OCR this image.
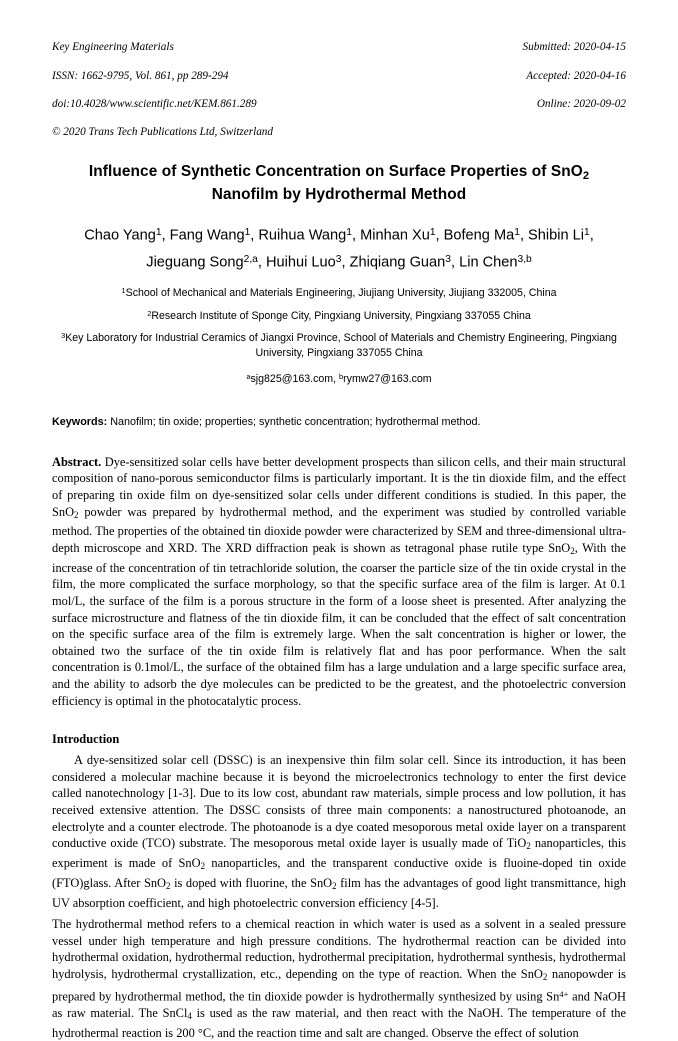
Key Engineering Materials

ISSN: 1662-9795, Vol. 861, pp 289-294

doi:10.4028/www.scientific.net/KEM.861.289

Submitted: 2020-04-15

Accepted: 2020-04-16

Online: 2020-09-02

© 2020 Trans Tech Publications Ltd, Switzerland
Influence of Synthetic Concentration on Surface Properties of SnO$_2$
Nanofilm by Hydrothermal Method
Chao Yang$^1$, Fang Wang$^1$, Ruihua Wang$^1$, Minhan Xu$^1$, Bofeng Ma$^1$, Shibin Li$^1$,
Jieguang Song$^{2,a}$, Huihui Luo$^3$, Zhiqiang Guan$^3$, Lin Chen$^{3,b}$
$^1$School of Mechanical and Materials Engineering, Jiujiang University, Jiujiang 332005, China
$^2$Research Institute of Sponge City, Pingxiang University, Pingxiang 337055 China
$^3$Key Laboratory for Industrial Ceramics of Jiangxi Province, School of Materials and Chemistry Engineering, Pingxiang University, Pingxiang 337055 China
$^a$sjg825@163.com, $^b$rymw27@163.com
Keywords: Nanofilm; tin oxide; properties; synthetic concentration; hydrothermal method.
Abstract. Dye-sensitized solar cells have better development prospects than silicon cells, and their main structural composition of nano-porous semiconductor films is particularly important. It is the tin dioxide film, and the effect of preparing tin oxide film on dye-sensitized solar cells under different conditions is studied. In this paper, the SnO$_2$ powder was prepared by hydrothermal method, and the experiment was studied by controlled variable method. The properties of the obtained tin dioxide powder were characterized by SEM and three-dimensional ultra-depth microscope and XRD. The XRD diffraction peak is shown as tetragonal phase rutile type SnO$_2$, With the increase of the concentration of tin tetrachloride solution, the coarser the particle size of the tin oxide crystal in the film, the more complicated the surface morphology, so that the specific surface area of the film is larger. At 0.1 mol/L, the surface of the film is a porous structure in the form of a loose sheet is presented. After analyzing the surface microstructure and flatness of the tin dioxide film, it can be concluded that the effect of salt concentration on the specific surface area of the film is extremely large. When the salt concentration is higher or lower, the obtained two the surface of the tin oxide film is relatively flat and has poor performance. When the salt concentration is 0.1mol/L, the surface of the obtained film has a large undulation and a large specific surface area, and the ability to adsorb the dye molecules can be predicted to be the greatest, and the photoelectric conversion efficiency is optimal in the photocatalytic process.
Introduction
A dye-sensitized solar cell (DSSC) is an inexpensive thin film solar cell. Since its introduction, it has been considered a molecular machine because it is beyond the microelectronics technology to enter the first device called nanotechnology [1-3]. Due to its low cost, abundant raw materials, simple process and low pollution, it has received extensive attention. The DSSC consists of three main components: a nanostructured photoanode, an electrolyte and a counter electrode. The photoanode is a dye coated mesoporous metal oxide layer on a transparent conductive oxide (TCO) substrate. The mesoporous metal oxide layer is usually made of TiO$_2$ nanoparticles, this experiment is made of SnO$_2$ nanoparticles, and the transparent conductive oxide is fluoine-doped tin oxide (FTO)glass. After SnO$_2$ is doped with fluorine, the SnO$_2$ film has the advantages of good light transmittance, high UV absorption coefficient, and high photoelectric conversion efficiency [4-5].
The hydrothermal method refers to a chemical reaction in which water is used as a solvent in a sealed pressure vessel under high temperature and high pressure conditions. The hydrothermal reaction can be divided into hydrothermal oxidation, hydrothermal reduction, hydrothermal precipitation, hydrothermal synthesis, hydrothermal hydrolysis, hydrothermal crystallization, etc., depending on the type of reaction. When the SnO$_2$ nanopowder is prepared by hydrothermal method, the tin dioxide powder is hydrothermally synthesized by using $Sn^{4+}$ and NaOH as raw material. The SnCl$_4$ is used as the raw material, and then react with the NaOH. The temperature of the hydrothermal reaction is 200 °C, and the reaction time and salt are changed. Observe the effect of solution
